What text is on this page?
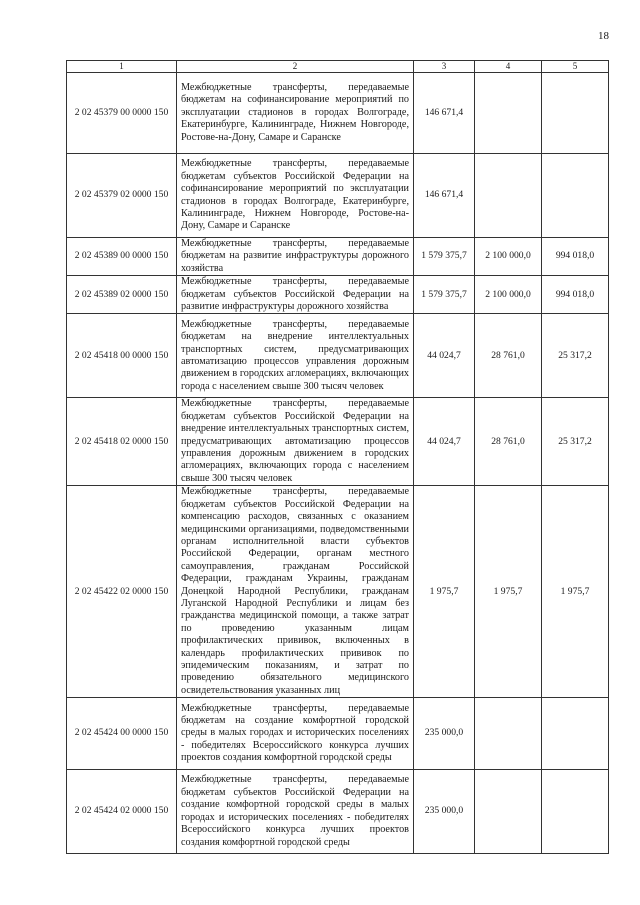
18
1	2	3	4	5
2 02 45379 00 0000 150	Межбюджетные трансферты, передаваемые бюджетам на софинансирование мероприятий по эксплуатации стадионов в городах Волгограде, Екатеринбурге, Калининграде, Нижнем Новгороде, Ростове-на-Дону, Самаре и Саранске	146 671,4		
2 02 45379 02 0000 150	Межбюджетные трансферты, передаваемые бюджетам субъектов Российской Федерации на софинансирование мероприятий по эксплуатации стадионов в городах Волгограде, Екатеринбурге, Калининграде, Нижнем Новгороде, Ростове-на-Дону, Самаре и Саранске	146 671,4		
2 02 45389 00 0000 150	Межбюджетные трансферты, передаваемые бюджетам на развитие инфраструктуры дорожного хозяйства	1 579 375,7	2 100 000,0	994 018,0
2 02 45389 02 0000 150	Межбюджетные трансферты, передаваемые бюджетам субъектов Российской Федерации на развитие инфраструктуры дорожного хозяйства	1 579 375,7	2 100 000,0	994 018,0
2 02 45418 00 0000 150	Межбюджетные трансферты, передаваемые бюджетам на внедрение интеллектуальных транспортных систем, предусматривающих автоматизацию процессов управления дорожным движением в городских агломерациях, включающих города с населением свыше 300 тысяч человек	44 024,7	28 761,0	25 317,2
2 02 45418 02 0000 150	Межбюджетные трансферты, передаваемые бюджетам субъектов Российской Федерации на внедрение интеллектуальных транспортных систем, предусматривающих автоматизацию процессов управления дорожным движением в городских агломерациях, включающих города с населением свыше 300 тысяч человек	44 024,7	28 761,0	25 317,2
2 02 45422 02 0000 150	Межбюджетные трансферты, передаваемые бюджетам субъектов Российской Федерации на компенсацию расходов, связанных с оказанием медицинскими организациями, подведомственными органам исполнительной власти субъектов Российской Федерации, органам местного самоуправления, гражданам Российской Федерации, гражданам Украины, гражданам Донецкой Народной Республики, гражданам Луганской Народной Республики и лицам без гражданства медицинской помощи, а также затрат по проведению указанным лицам профилактических прививок, включенных в календарь профилактических прививок по эпидемическим показаниям, и затрат по проведению обязательного медицинского освидетельствования указанных лиц	1 975,7	1 975,7	1 975,7
2 02 45424 00 0000 150	Межбюджетные трансферты, передаваемые бюджетам на создание комфортной городской среды в малых городах и исторических поселениях - победителях Всероссийского конкурса лучших проектов создания комфортной городской среды	235 000,0		
2 02 45424 02 0000 150	Межбюджетные трансферты, передаваемые бюджетам субъектов Российской Федерации на создание комфортной городской среды в малых городах и исторических поселениях - победителях Всероссийского конкурса лучших проектов создания комфортной городской среды	235 000,0		
